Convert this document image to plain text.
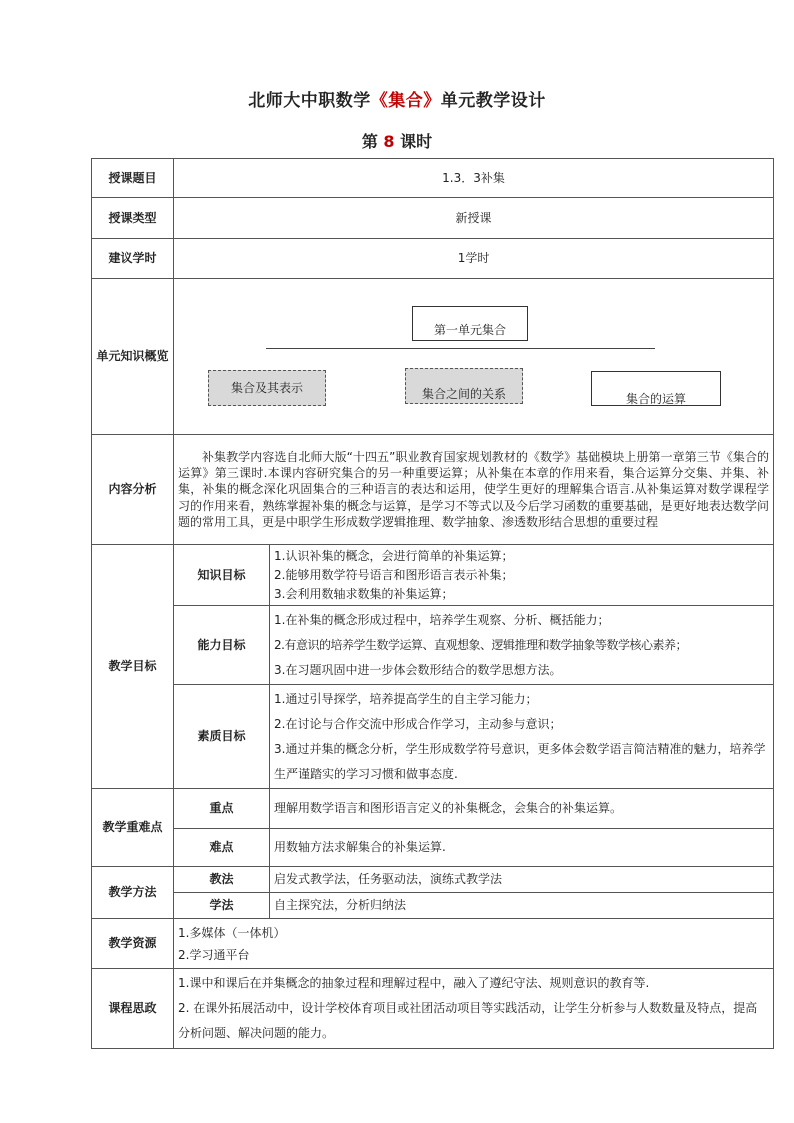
北师大中职数学《集合》单元教学设计
第 8 课时
授课题目	1.3．3补集	
授课类型	新授课	
建议学时	1学时	
单元知识概览	第一单元集合
集合及其表示 集合之间的关系 集合的运算	

内容分析	补集教学内容选自北师大版“十四五”职业教育国家规划教材的《数学》基础模块上册第一章第三节《集合的运算》第三课时.本课内容研究集合的另一种重要运算；从补集在本章的作用来看，集合运算分交集、并集、补集，补集的概念深化巩固集合的三种语言的表达和运用，使学生更好的理解集合语言.从补集运算对数学课程学习的作用来看，熟练掌握补集的概念与运算，是学习不等式以及今后学习函数的重要基础，是更好地表达数学问题的常用工具，更是中职学生形成数学逻辑推理、数学抽象、渗透数形结合思想的重要过程	
教学目标	知识目标	1.认识补集的概念，会进行简单的补集运算；
2.能够用数学符号语言和图形语言表示补集；
3.会利用数轴求数集的补集运算；

	能力目标	1.在补集的概念形成过程中，培养学生观察、分析、概括能力；
2.有意识的培养学生数学运算、直观想象、逻辑推理和数学抽象等数学核心素养；
3.在习题巩固中进一步体会数形结合的数学思想方法。

	素质目标	1.通过引导探学，培养提高学生的自主学习能力；
2.在讨论与合作交流中形成合作学习，主动参与意识；
3.通过并集的概念分析，学生形成数学符号意识，更多体会数学语言简洁精准的魅力，培养学生严谨踏实的学习习惯和做事态度.

教学重难点	重点	理解用数学语言和图形语言定义的补集概念，会集合的补集运算。
	难点	用数轴方法求解集合的补集运算.
教学方法	教法	启发式教学法，任务驱动法，演练式教学法
	学法	自主探究法，分析归纳法
教学资源	1.多媒体（一体机）
2.学习通平台	

课程思政	1.课中和课后在并集概念的抽象过程和理解过程中，融入了遵纪守法、规则意识的教育等.
2. 在课外拓展活动中，设计学校体育项目或社团活动项目等实践活动，让学生分析参与人数数量及特点，提高分析问题、解决问题的能力。	
